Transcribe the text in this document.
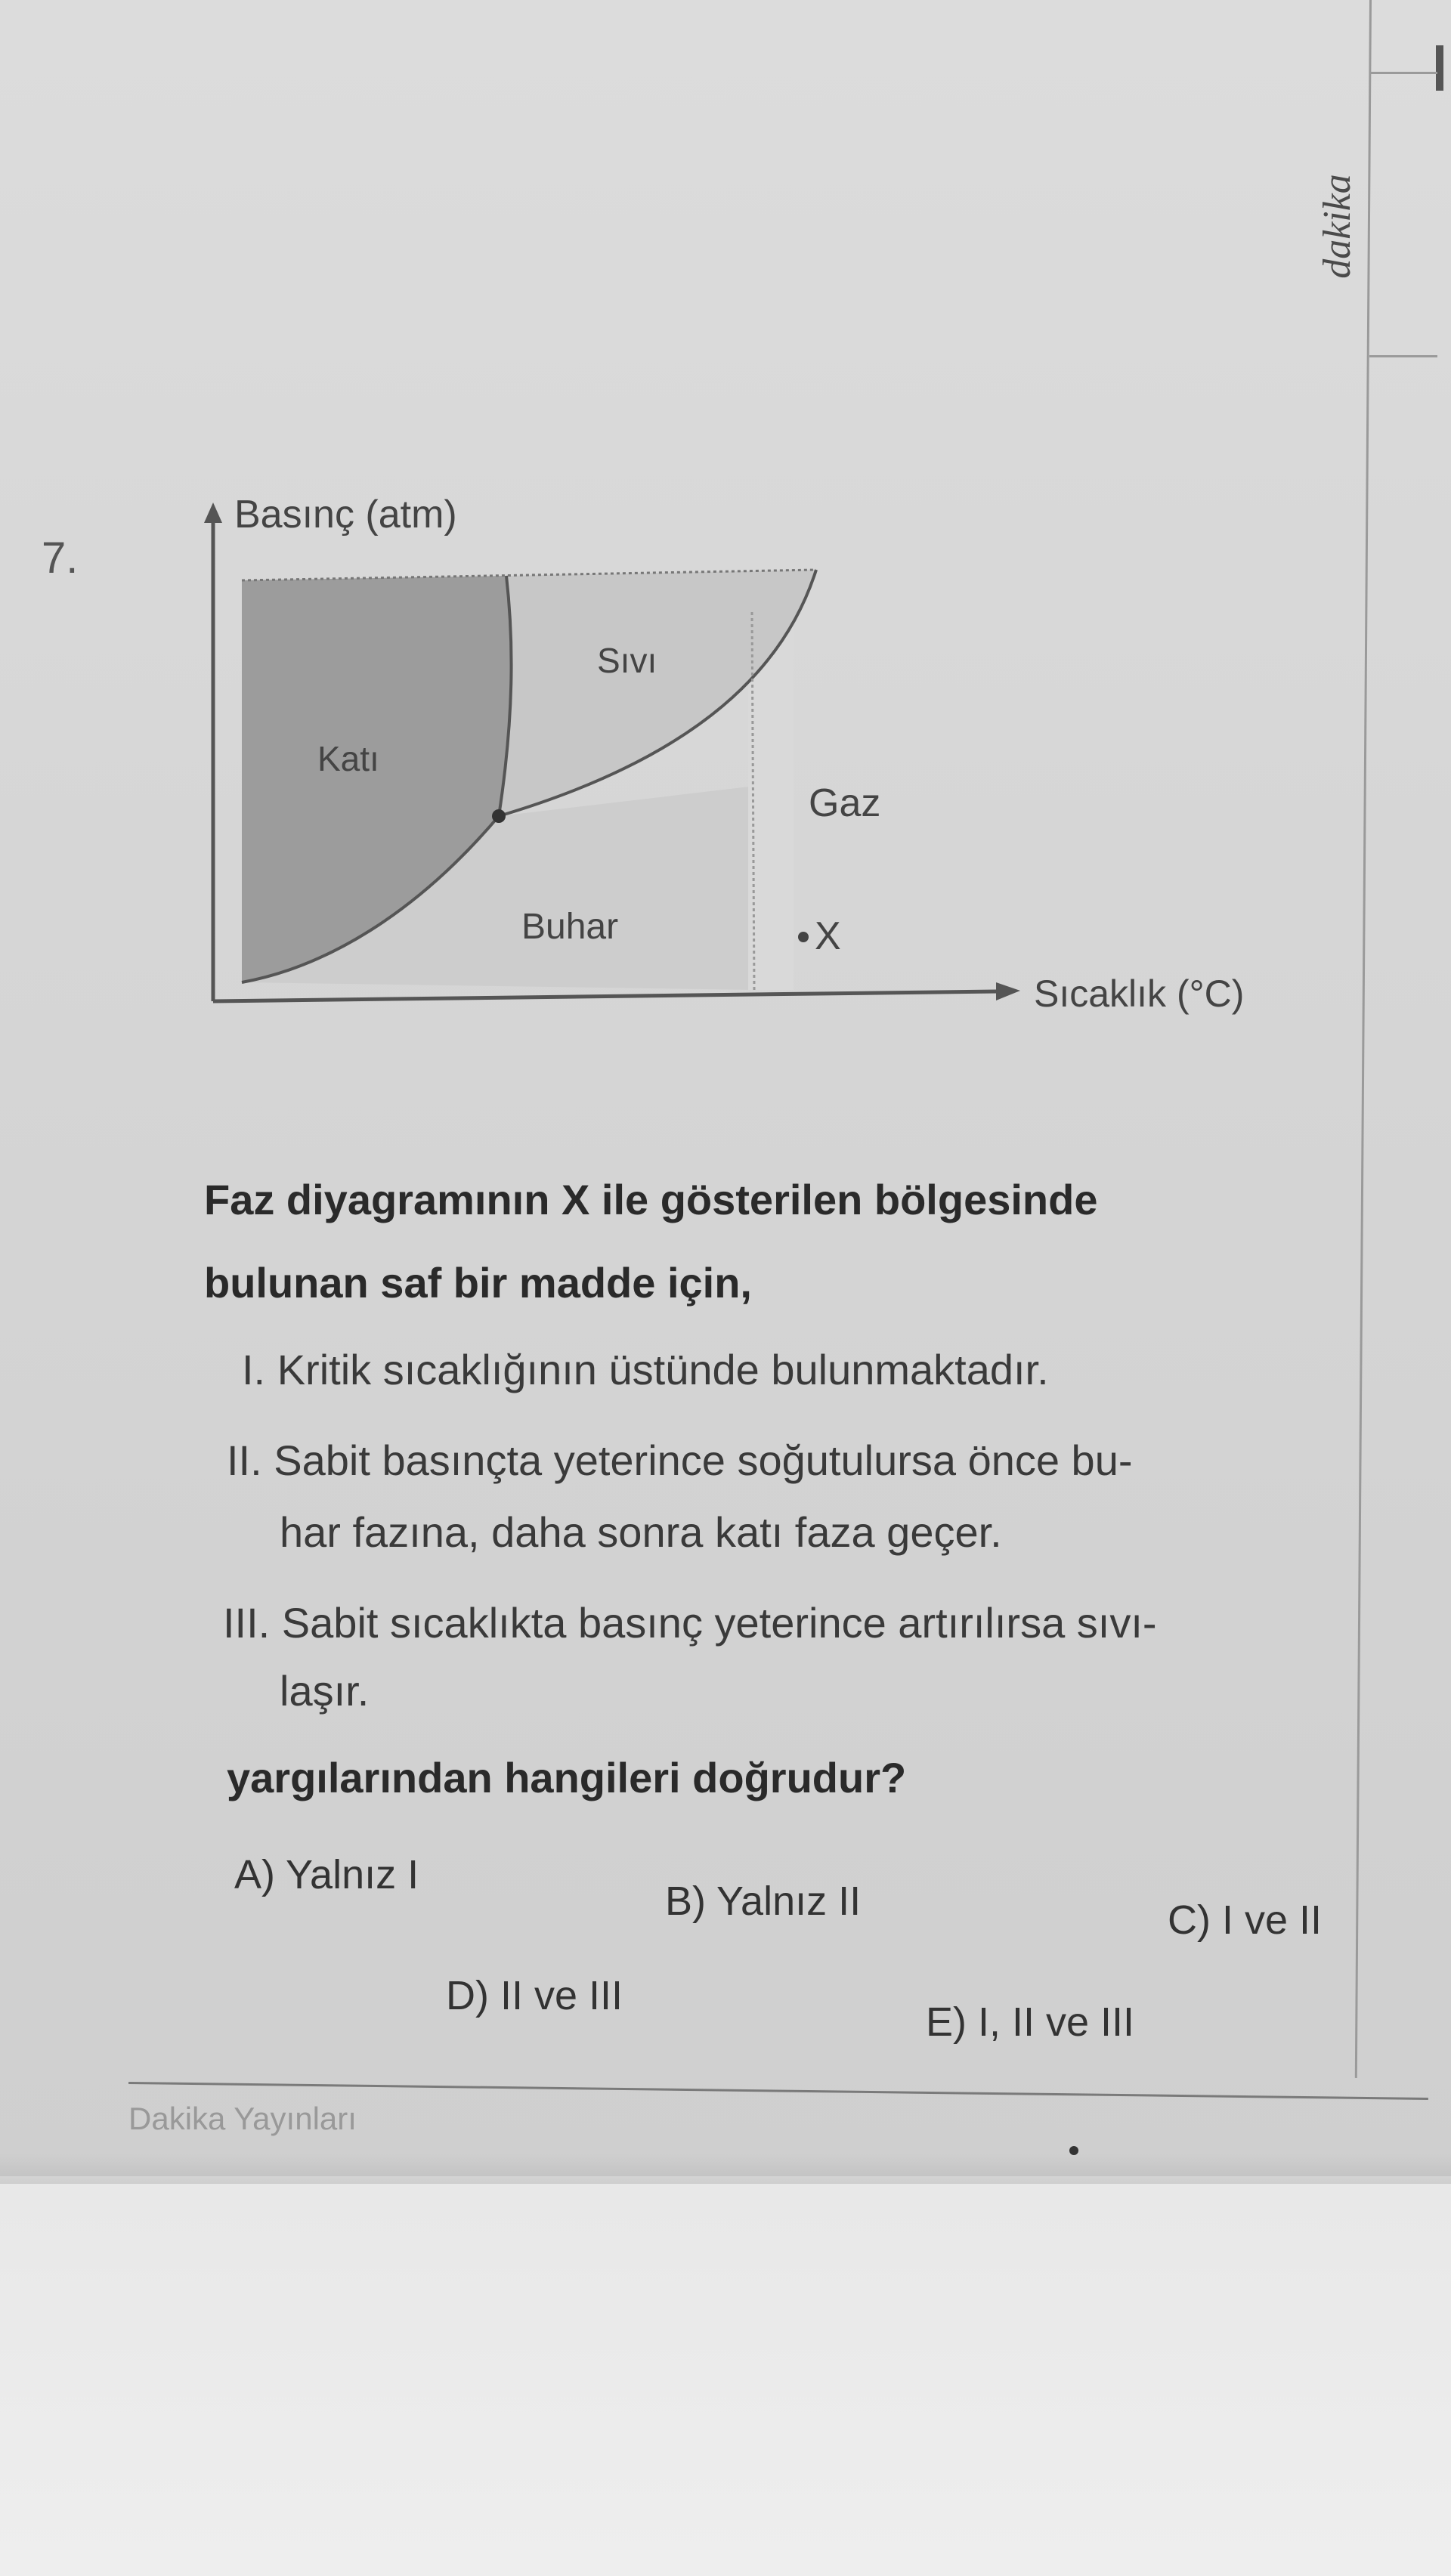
dakika
7.
Basınç (atm)
Sıcaklık (°C)
Katı
Sıvı
Gaz
Buhar	X
Faz diyagramının X ile gösterilen bölgesinde
bulunan saf bir madde için,
I. Kritik sıcaklığının üstünde bulunmaktadır.
II. Sabit basınçta yeterince soğutulursa önce bu-
har fazına, daha sonra katı faza geçer.
III. Sabit sıcaklıkta basınç yeterince artırılırsa sıvı-
laşır.
yargılarından hangileri doğrudur?
A) Yalnız I
B) Yalnız II	C) I ve II
D) II ve III
E) I, II ve III
Dakika Yayınları
